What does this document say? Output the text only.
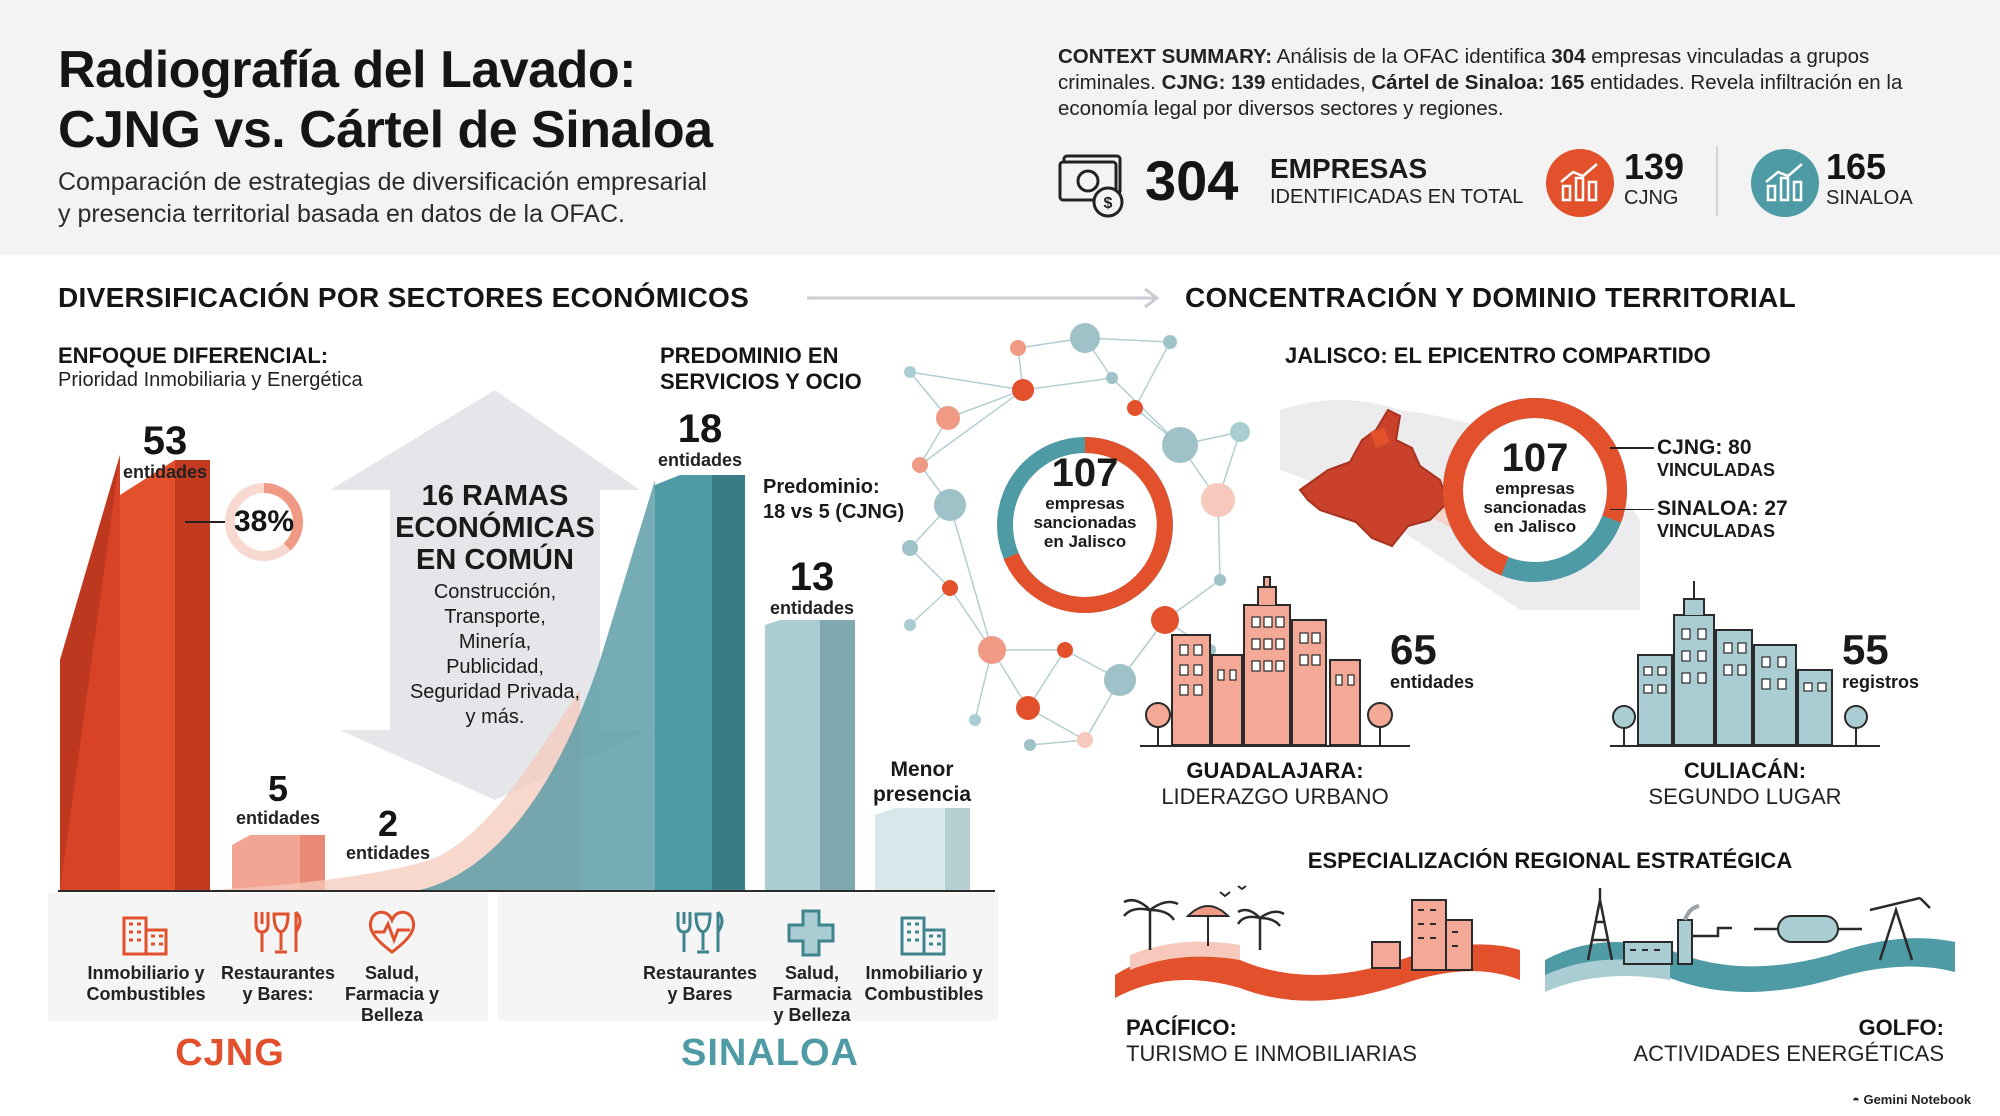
Radiografía del Lavado:
CJNG vs. Cártel de Sinaloa
Comparación de estrategias de diversificación empresarial
y presencia territorial basada en datos de la OFAC.
CONTEXT SUMMARY: Análisis de la OFAC identifica 304 empresas vinculadas a grupos criminales. CJNG: 139 entidades, Cártel de Sinaloa: 165 entidades. Revela infiltración en la economía legal por diversos sectores y regiones.
$ 304 EMPRESAS
IDENTIFICADAS EN TOTAL
139
CJNG
165
SINALOA
DIVERSIFICACIÓN POR SECTORES ECONÓMICOS	CONCENTRACIÓN Y DOMINIO TERRITORIAL
38%
ENFOQUE DIFERENCIAL:
Prioridad Inmobiliaria y Energética
53
entidades
5
entidades	2
entidades
16 RAMAS
ECONÓMICAS
EN COMÚN
Construcción,
Transporte,
Minería,
Publicidad,
Seguridad Privada,
y más.
PREDOMINIO EN
SERVICIOS Y OCIO
18
entidades
Predominio:
18 vs 5 (CJNG)
13
entidades
Menor
presencia
Inmobiliario y
Combustibles
Restaurantes
y Bares:
Salud,
Farmacia y
Belleza
Restaurantes
y Bares
Salud,
Farmacia
y Belleza
Inmobiliario y
Combustibles
CJNG	SINALOA
107
empresas
sancionadas
en Jalisco
JALISCO: EL EPICENTRO COMPARTIDO
107
empresas
sancionadas
en Jalisco
CJNG: 80
VINCULADAS
SINALOA: 27
VINCULADAS
65
entidades
GUADALAJARA:
LIDERAZGO URBANO
55
registros
CULIACÁN:
SEGUNDO LUGAR
ESPECIALIZACIÓN REGIONAL ESTRATÉGICA
PACÍFICO:
TURISMO E INMOBILIARIAS
GOLFO:
ACTIVIDADES ENERGÉTICAS
◓ Gemini Notebook
